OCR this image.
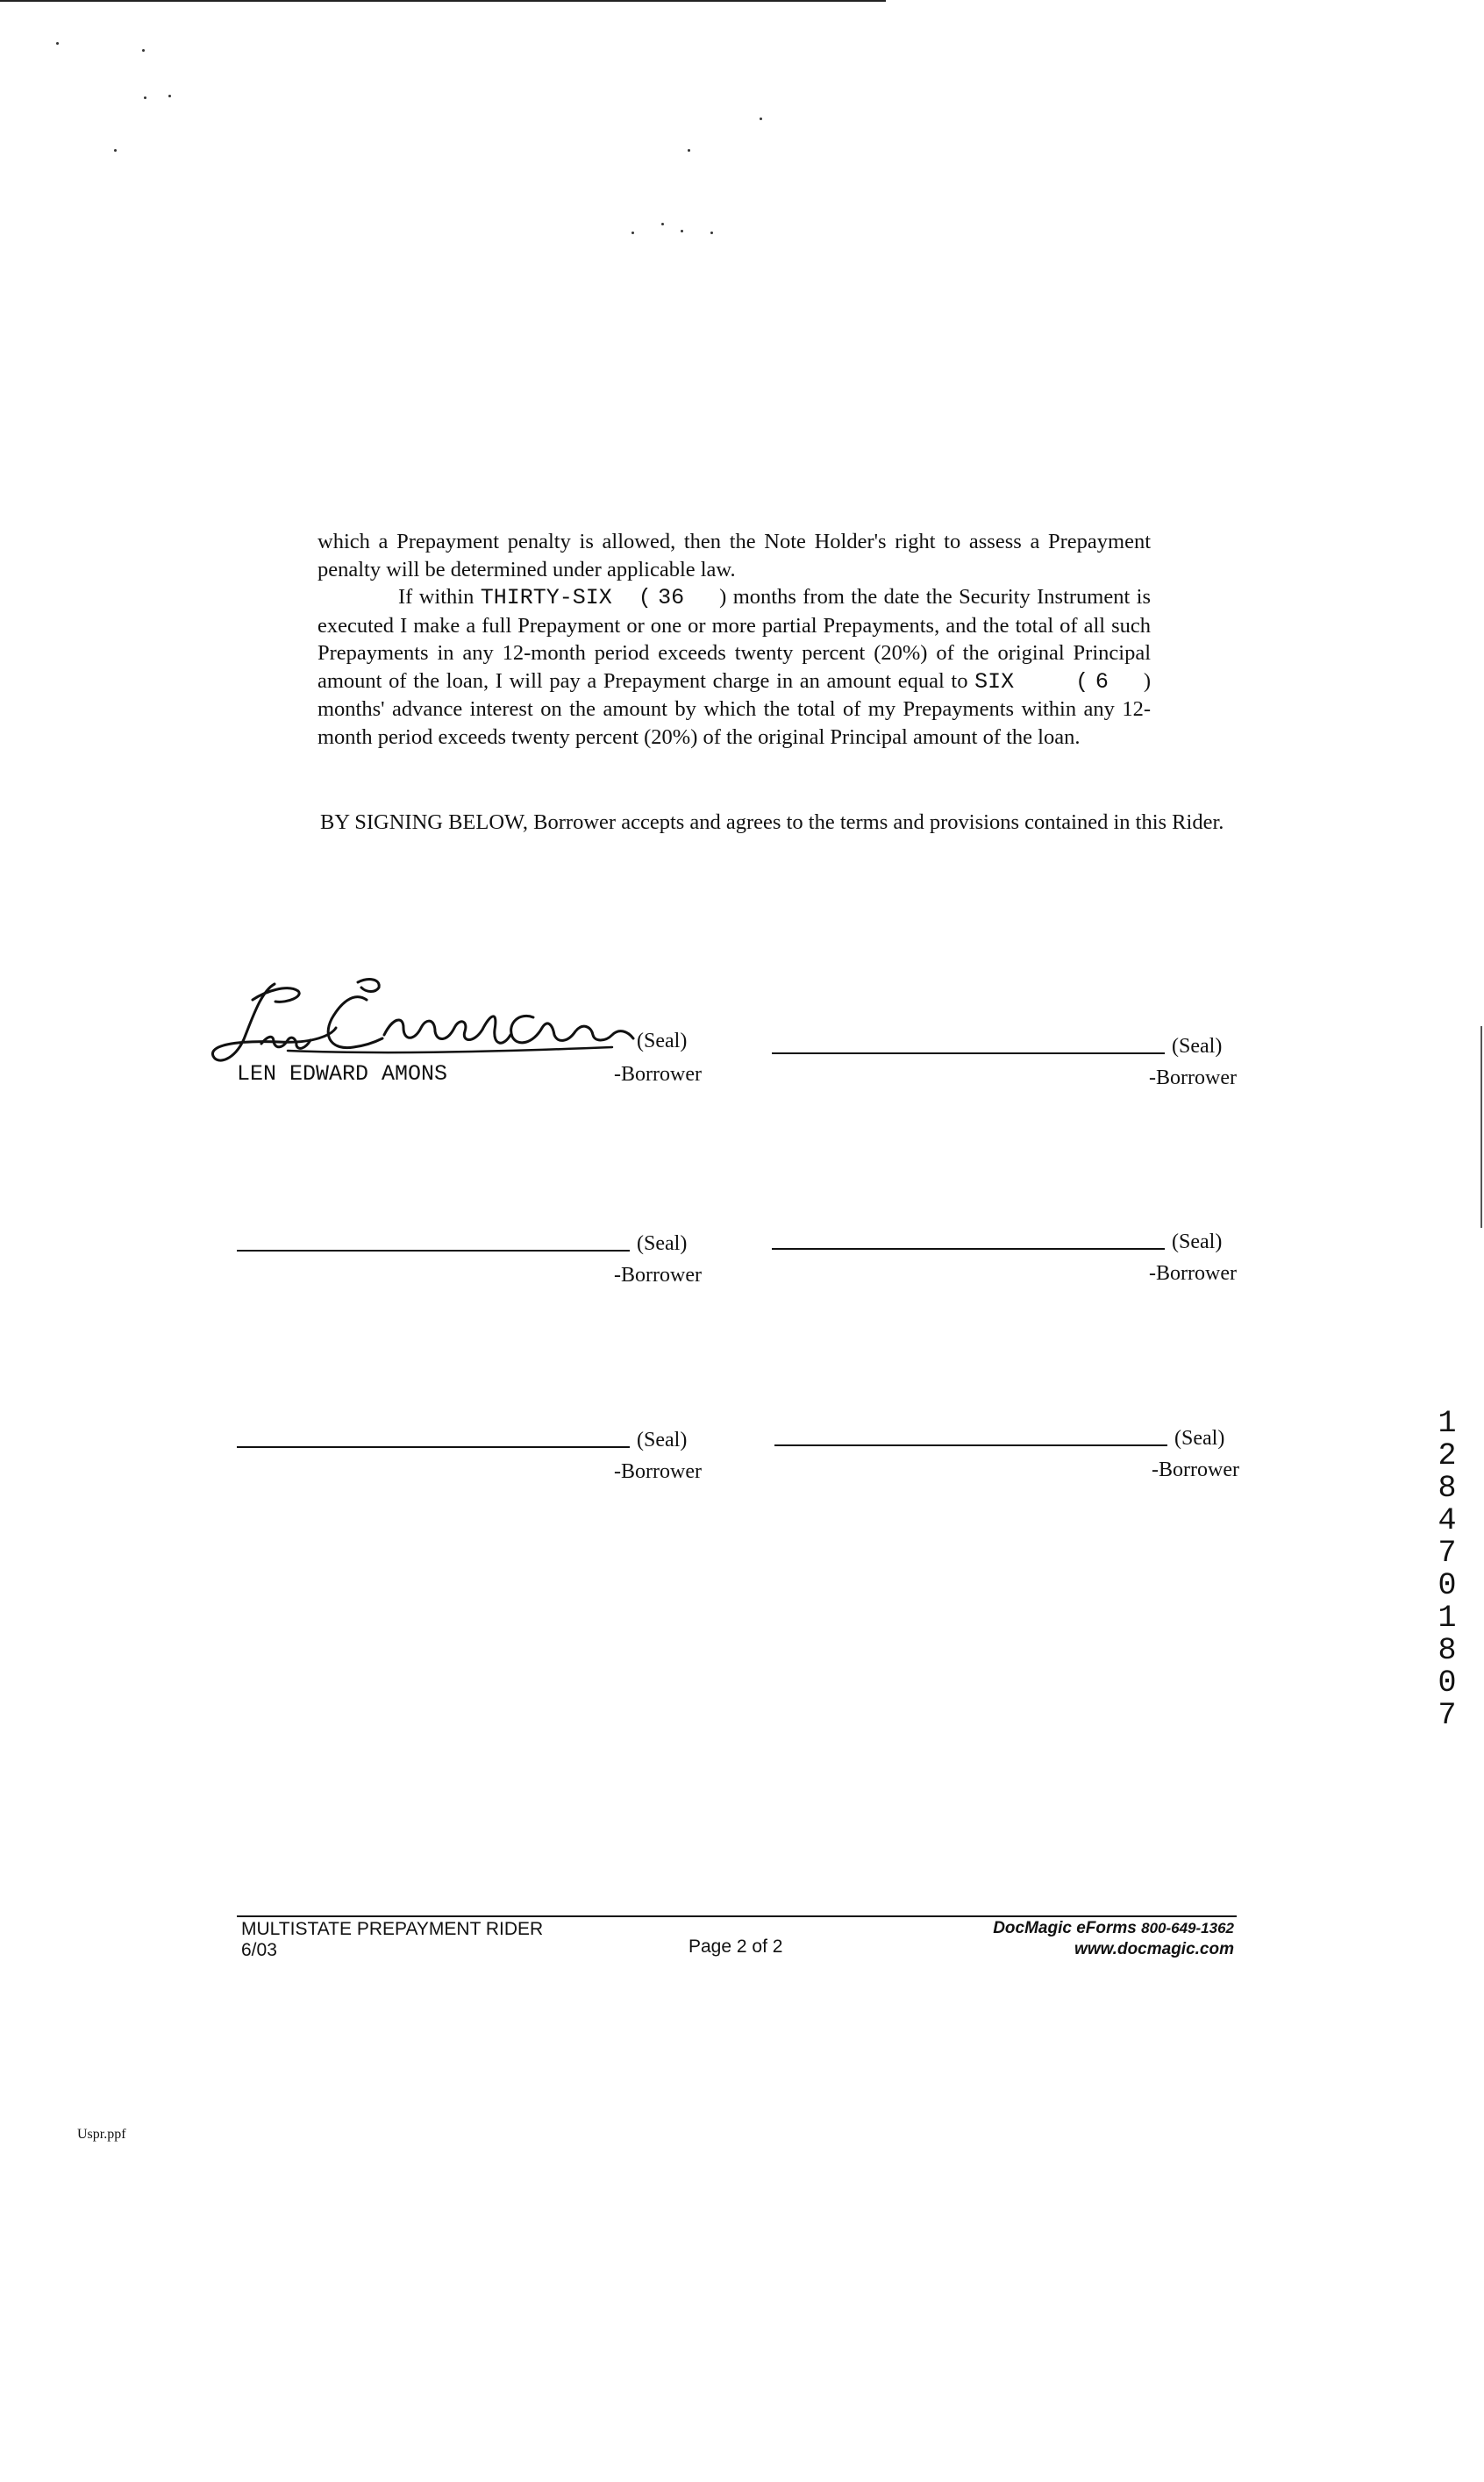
which a Prepayment penalty is allowed, then the Note Holder's right to assess a Prepayment penalty will be determined under applicable law.

If within THIRTY-SIX ( 36 ) months from the date the Security Instrument is executed I make a full Prepayment or one or more partial Prepayments, and the total of all such Prepayments in any 12-month period exceeds twenty percent (20%) of the original Principal amount of the loan, I will pay a Prepayment charge in an amount equal to SIX	( 6 ) months' advance interest on the amount by which the total of my Prepayments within any 12-month period exceeds twenty percent (20%) of the original Principal amount of the loan.

BY SIGNING BELOW, Borrower accepts and agrees to the terms and provisions contained in this Rider.

(Seal)
-Borrower
LEN EDWARD AMONS
(Seal)
-Borrower
(Seal)
-Borrower
(Seal)
-Borrower
(Seal)
-Borrower
(Seal)
-Borrower
12847 01807
MULTISTATE PREPAYMENT RIDER
6/03	Page 2 of 2
DocMagic eForms 800-649-1362
www.docmagic.com
Uspr.ppf
